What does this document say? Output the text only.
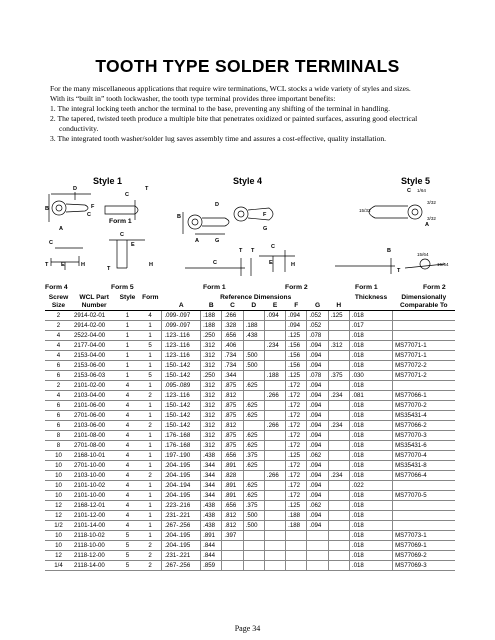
TOOTH TYPE SOLDER TERMINALS

For the many miscellaneous applications that require wire terminations, WCL stocks a wide variety of styles and sizes.

With its “built in” tooth lockwasher, the tooth type terminal provides three important benefits:

1. The integral locking teeth anchor the terminal to the base, preventing any shifting of the terminal in handling.

2. The tapered, twisted teeth produce a multiple bite that penetrates oxidized or painted surfaces, assuring good electrical conductivity.

3. The integrated tooth washer/solder lug saves assembly time and assures a cost-effective, quality installation.

Style 1	Style 4	Style 5
B
A
D
F
C
C
T E	H
C
T
C
E
T
H
B
A	G
D
F
G
C
T T
C
E	H
C
A
B
T
1/64
3/32
15/32
3/32
15/64
15/64
Form 1
Form 4	Form 5	Form 1	Form 2	Form 1	Form 2
Screw	WCL Part	Style	Form	Reference Dimensions								Thickness	Dimensionally
Size	Number			A	B	C	D	E	F	G	H		Comparable To
2	2914-02-01	1	4	.099-.097	.188	.266		.094	.094	.052	.125	.018	
2	2914-02-00	1	1	.099-.097	.188	.328	.188		.094	.052		.017	
4	2522-04-00	1	1	.123-.116	.250	.656	.438		.125	.078		.018	
4	2177-04-00	1	5	.123-.116	.312	.406		.234	.156	.094	.312	.018	MS77071-1
4	2153-04-00	1	1	.123-.116	.312	.734	.500		.156	.094		.018	MS77071-1
6	2153-06-00	1	1	.150-.142	.312	.734	.500		.156	.094		.018	MS77072-2
6	2153-06-03	1	5	.150-.142	.250	.344		.188	.125	.078	.375	.030	MS77071-2
2	2101-02-00	4	1	.095-.089	.312	.875	.625		.172	.094		.018	
4	2103-04-00	4	2	.123-.116	.312	.812		.266	.172	.094	.234	.081	MS77066-1
6	2101-06-00	4	1	.150-.142	.312	.875	.625		.172	.094		.018	MS77070-2
6	2701-06-00	4	1	.150-.142	.312	.875	.625		.172	.094		.018	MS35431-4
6	2103-06-00	4	2	.150-.142	.312	.812		.266	.172	.094	.234	.018	MS77066-2
8	2101-08-00	4	1	.176-.168	.312	.875	.625		.172	.094		.018	MS77070-3
8	2701-08-00	4	1	.176-.168	.312	.875	.625		.172	.094		.018	MS35431-6
10	2168-10-01	4	1	.197-.190	.438	.656	.375		.125	.062		.018	MS77070-4
10	2701-10-00	4	1	.204-.195	.344	.891	.625		.172	.094		.018	MS35431-8
10	2103-10-00	4	2	.204-.195	.344	.828		.266	.172	.094	.234	.018	MS77066-4
10	2101-10-02	4	1	.204-.194	.344	.891	.625		.172	.094		.022	
10	2101-10-00	4	1	.204-.195	.344	.891	.625		.172	.094		.018	MS77070-5
12	2168-12-01	4	1	.223-.216	.438	.656	.375		.125	.062		.018	
12	2101-12-00	4	1	.231-.221	.438	.812	.500		.188	.094		.018	
1/2	2101-14-00	4	1	.267-.256	.438	.812	.500		.188	.094		.018	
10	2118-10-02	5	1	.204-.195	.891	.397						.018	MS77073-1
10	2118-10-00	5	2	.204-.195	.844							.018	MS77069-1
12	2118-12-00	5	2	.231-.221	.844							.018	MS77069-2
1/4	2118-14-00	5	2	.267-.256	.859							.018	MS77069-3
Page 34
